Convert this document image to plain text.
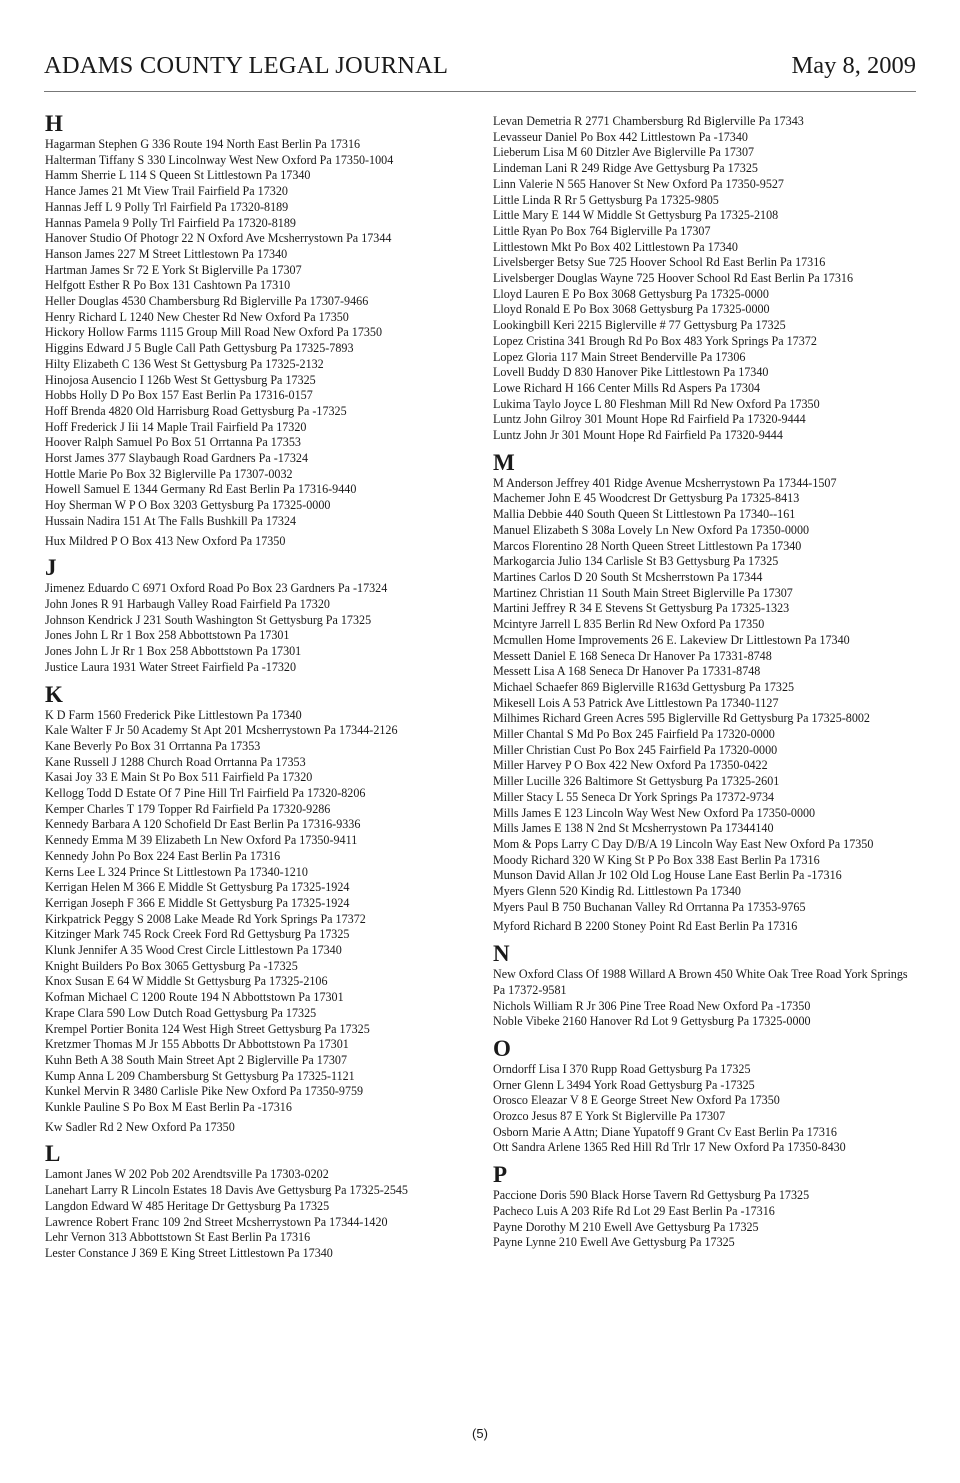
ADAMS COUNTY LEGAL JOURNAL	May 8, 2009
H
Hagarman Stephen G 336 Route 194 North East Berlin Pa 17316
Halterman Tiffany S 330 Lincolnway West New Oxford Pa 17350-1004
Hamm Sherrie L 114 S Queen St Littlestown Pa 17340
Hance James 21 Mt View Trail Fairfield Pa 17320
Hannas Jeff L 9 Polly Trl Fairfield Pa 17320-8189
Hannas Pamela 9 Polly Trl Fairfield Pa 17320-8189
Hanover Studio Of Photogr 22 N Oxford Ave Mcsherrystown Pa 17344
Hanson James 227 M Street Littlestown Pa 17340
Hartman James Sr 72 E York St Biglerville Pa 17307
Helfgott Esther R Po Box 131 Cashtown Pa 17310
Heller Douglas 4530 Chambersburg Rd Biglerville Pa 17307-9466
Henry Richard L 1240 New Chester Rd New Oxford Pa 17350
Hickory Hollow Farms 1115 Group Mill Road New Oxford Pa 17350
Higgins Edward J 5 Bugle Call Path Gettysburg Pa 17325-7893
Hilty Elizabeth C 136 West St Gettysburg Pa 17325-2132
Hinojosa Ausencio I 126b West St Gettysburg Pa 17325
Hobbs Holly D Po Box 157 East Berlin Pa 17316-0157
Hoff Brenda 4820 Old Harrisburg Road Gettysburg Pa -17325
Hoff Frederick J Iii 14 Maple Trail Fairfield Pa 17320
Hoover Ralph Samuel Po Box 51 Orrtanna Pa 17353
Horst James 377 Slaybaugh Road Gardners Pa -17324
Hottle Marie Po Box 32 Biglerville Pa 17307-0032
Howell Samuel E 1344 Germany Rd East Berlin Pa 17316-9440
Hoy Sherman W P O Box 3203 Gettysburg Pa 17325-0000
Hussain Nadira 151 At The Falls Bushkill Pa 17324
Hux Mildred P O Box 413 New Oxford Pa 17350
J
Jimenez Eduardo C 6971 Oxford Road Po Box 23 Gardners Pa -17324
John Jones R 91 Harbaugh Valley Road Fairfield Pa 17320
Johnson Kendrick J 231 South Washington St Gettysburg Pa 17325
Jones John L Rr 1 Box 258 Abbottstown Pa 17301
Jones John L Jr Rr 1 Box 258 Abbottstown Pa 17301
Justice Laura 1931 Water Street Fairfield Pa -17320
K
K D Farm 1560 Frederick Pike Littlestown Pa 17340
Kale Walter F Jr 50 Academy St Apt 201 Mcsherrystown Pa 17344-2126
Kane Beverly Po Box 31 Orrtanna Pa 17353
Kane Russell J 1288 Church Road Orrtanna Pa 17353
Kasai Joy 33 E Main St Po Box 511 Fairfield Pa 17320
Kellogg Todd D Estate Of 7 Pine Hill Trl Fairfield Pa 17320-8206
Kemper Charles T 179 Topper Rd Fairfield Pa 17320-9286
Kennedy Barbara A 120 Schofield Dr East Berlin Pa 17316-9336
Kennedy Emma M 39 Elizabeth Ln New Oxford Pa 17350-9411
Kennedy John Po Box 224 East Berlin Pa 17316
Kerns Lee L 324 Prince St Littlestown Pa 17340-1210
Kerrigan Helen M 366 E Middle St Gettysburg Pa 17325-1924
Kerrigan Joseph F 366 E Middle St Gettysburg Pa 17325-1924
Kirkpatrick Peggy S 2008 Lake Meade Rd York Springs Pa 17372
Kitzinger Mark 745 Rock Creek Ford Rd Gettysburg Pa 17325
Klunk Jennifer A 35 Wood Crest Circle Littlestown Pa 17340
Knight Builders Po Box 3065 Gettysburg Pa -17325
Knox Susan E 64 W Middle St Gettysburg Pa 17325-2106
Kofman Michael C 1200 Route 194 N Abbottstown Pa 17301
Krape Clara 590 Low Dutch Road Gettysburg Pa 17325
Krempel Portier Bonita 124 West High Street Gettysburg Pa 17325
Kretzmer Thomas M Jr 155 Abbotts Dr Abbottstown Pa 17301
Kuhn Beth A 38 South Main Street Apt 2 Biglerville Pa 17307
Kump Anna L 209 Chambersburg St Gettysburg Pa 17325-1121
Kunkel Mervin R 3480 Carlisle Pike New Oxford Pa 17350-9759
Kunkle Pauline S Po Box M East Berlin Pa -17316
Kw Sadler Rd 2 New Oxford Pa 17350
L
Lamont Janes W 202 Pob 202 Arendtsville Pa 17303-0202
Lanehart Larry R Lincoln Estates 18 Davis Ave Gettysburg Pa 17325-2545
Langdon Edward W 485 Heritage Dr Gettysburg Pa 17325
Lawrence Robert Franc 109 2nd Street Mcsherrystown Pa 17344-1420
Lehr Vernon 313 Abbottstown St East Berlin Pa 17316
Lester Constance J 369 E King Street Littlestown Pa 17340
Levan Demetria R 2771 Chambersburg Rd Biglerville Pa 17343
Levasseur Daniel Po Box 442 Littlestown Pa -17340
Lieberum Lisa M 60 Ditzler Ave Biglerville Pa 17307
Lindeman Lani R 249 Ridge Ave Gettysburg Pa 17325
Linn Valerie N 565 Hanover St New Oxford Pa 17350-9527
Little Linda R Rr 5 Gettysburg Pa 17325-9805
Little Mary E 144 W Middle St Gettysburg Pa 17325-2108
Little Ryan Po Box 764 Biglerville Pa 17307
Littlestown Mkt Po Box 402 Littlestown Pa 17340
Livelsberger Betsy Sue 725 Hoover School Rd East Berlin Pa 17316
Livelsberger Douglas Wayne 725 Hoover School Rd East Berlin Pa 17316
Lloyd Lauren E Po Box 3068 Gettysburg Pa 17325-0000
Lloyd Ronald E Po Box 3068 Gettysburg Pa 17325-0000
Lookingbill Keri 2215 Biglerville # 77 Gettysburg Pa 17325
Lopez Cristina 341 Brough Rd Po Box 483 York Springs Pa 17372
Lopez Gloria 117 Main Street Benderville Pa 17306
Lovell Buddy D 830 Hanover Pike Littlestown Pa 17340
Lowe Richard H 166 Center Mills Rd Aspers Pa 17304
Lukima Taylo Joyce L 80 Fleshman Mill Rd New Oxford Pa 17350
Luntz John Gilroy 301 Mount Hope Rd Fairfield Pa 17320-9444
Luntz John Jr 301 Mount Hope Rd Fairfield Pa 17320-9444
M
M Anderson Jeffrey 401 Ridge Avenue Mcsherrystown Pa 17344-1507
Machemer John E 45 Woodcrest Dr Gettysburg Pa 17325-8413
Mallia Debbie 440 South Queen St Littlestown Pa 17340--161
Manuel Elizabeth S 308a Lovely Ln New Oxford Pa 17350-0000
Marcos Florentino 28 North Queen Street Littlestown Pa 17340
Markogarcia Julio 134 Carlisle St B3 Gettysburg Pa 17325
Martines Carlos D 20 South St Mcsherrstown Pa 17344
Martinez Christian 11 South Main Street Biglerville Pa 17307
Martini Jeffrey R 34 E Stevens St Gettysburg Pa 17325-1323
Mcintyre Jarrell L 835 Berlin Rd New Oxford Pa 17350
Mcmullen Home Improvements 26 E. Lakeview Dr Littlestown Pa 17340
Messett Daniel E 168 Seneca Dr Hanover Pa 17331-8748
Messett Lisa A 168 Seneca Dr Hanover Pa 17331-8748
Michael Schaefer 869 Biglerville R163d Gettysburg Pa 17325
Mikesell Lois A 53 Patrick Ave Littlestown Pa 17340-1127
Milhimes Richard Green Acres 595 Biglerville Rd Gettysburg Pa 17325-8002
Miller Chantal S Md Po Box 245 Fairfield Pa 17320-0000
Miller Christian Cust Po Box 245 Fairfield Pa 17320-0000
Miller Harvey P O Box 422 New Oxford Pa 17350-0422
Miller Lucille 326 Baltimore St Gettysburg Pa 17325-2601
Miller Stacy L 55 Seneca Dr York Springs Pa 17372-9734
Mills James E 123 Lincoln Way West New Oxford Pa 17350-0000
Mills James E 138 N 2nd St Mcsherrystown Pa 17344140
Mom & Pops Larry C Day D/B/A 19 Lincoln Way East New Oxford Pa 17350
Moody Richard 320 W King St P Po Box 338 East Berlin Pa 17316
Munson David Allan Jr 102 Old Log House Lane East Berlin Pa -17316
Myers Glenn 520 Kindig Rd. Littlestown Pa 17340
Myers Paul B 750 Buchanan Valley Rd Orrtanna Pa 17353-9765
Myford Richard B 2200 Stoney Point Rd East Berlin Pa 17316
N
New Oxford Class Of 1988 Willard A Brown 450 White Oak Tree Road York Springs Pa 17372-9581
Nichols William R Jr 306 Pine Tree Road New Oxford Pa -17350
Noble Vibeke 2160 Hanover Rd Lot 9 Gettysburg Pa 17325-0000
O
Orndorff Lisa I 370 Rupp Road Gettysburg Pa 17325
Orner Glenn L 3494 York Road Gettysburg Pa -17325
Orosco Eleazar V 8 E George Street New Oxford Pa 17350
Orozco Jesus 87 E York St Biglerville Pa 17307
Osborn Marie A Attn; Diane Yupatoff 9 Grant Cv East Berlin Pa 17316
Ott Sandra Arlene 1365 Red Hill Rd Trlr 17 New Oxford Pa 17350-8430
P
Paccione Doris 590 Black Horse Tavern Rd Gettysburg Pa 17325
Pacheco Luis A 203 Rife Rd Lot 29 East Berlin Pa -17316
Payne Dorothy M 210 Ewell Ave Gettysburg Pa 17325
Payne Lynne 210 Ewell Ave Gettysburg Pa 17325
(5)
